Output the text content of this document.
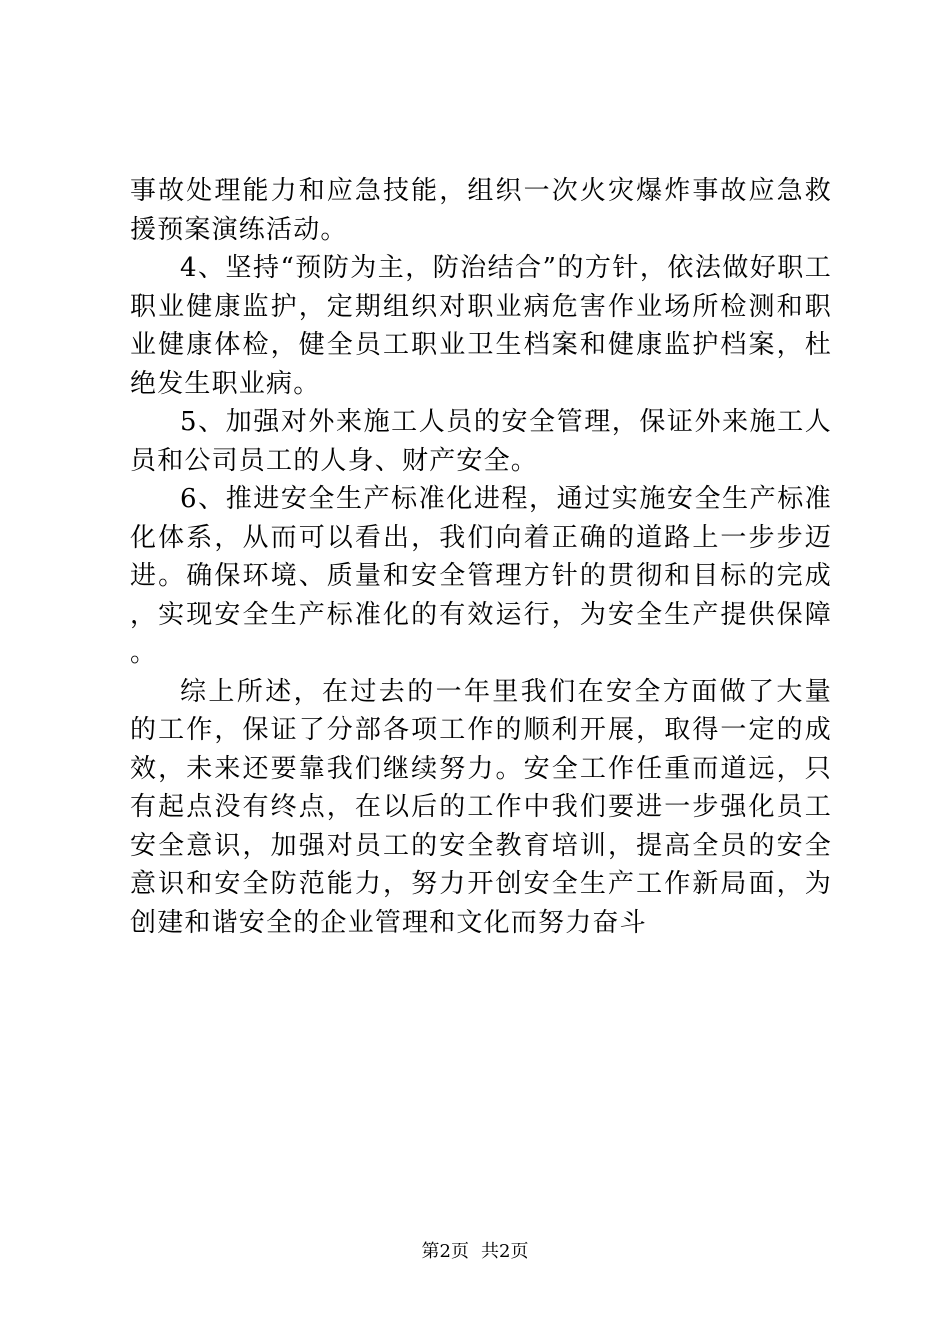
事故处理能力和应急技能，组织一次火灾爆炸事故应急救援预案演练活动。

4、坚持“预防为主，防治结合”的方针，依法做好职工职业健康监护，定期组织对职业病危害作业场所检测和职业健康体检，健全员工职业卫生档案和健康监护档案，杜绝发生职业病。

5、加强对外来施工人员的安全管理，保证外来施工人员和公司员工的人身、财产安全。

6、推进安全生产标准化进程，通过实施安全生产标准化体系，从而可以看出，我们向着正确的道路上一步步迈进。确保环境、质量和安全管理方针的贯彻和目标的完成，实现安全生产标准化的有效运行，为安全生产提供保障。

综上所述，在过去的一年里我们在安全方面做了大量的工作，保证了分部各项工作的顺利开展，取得一定的成效，未来还要靠我们继续努力。安全工作任重而道远，只有起点没有终点，在以后的工作中我们要进一步强化员工安全意识，加强对员工的安全教育培训，提高全员的安全意识和安全防范能力，努力开创安全生产工作新局面，为创建和谐安全的企业管理和文化而努力奋斗

第2页 共2页
